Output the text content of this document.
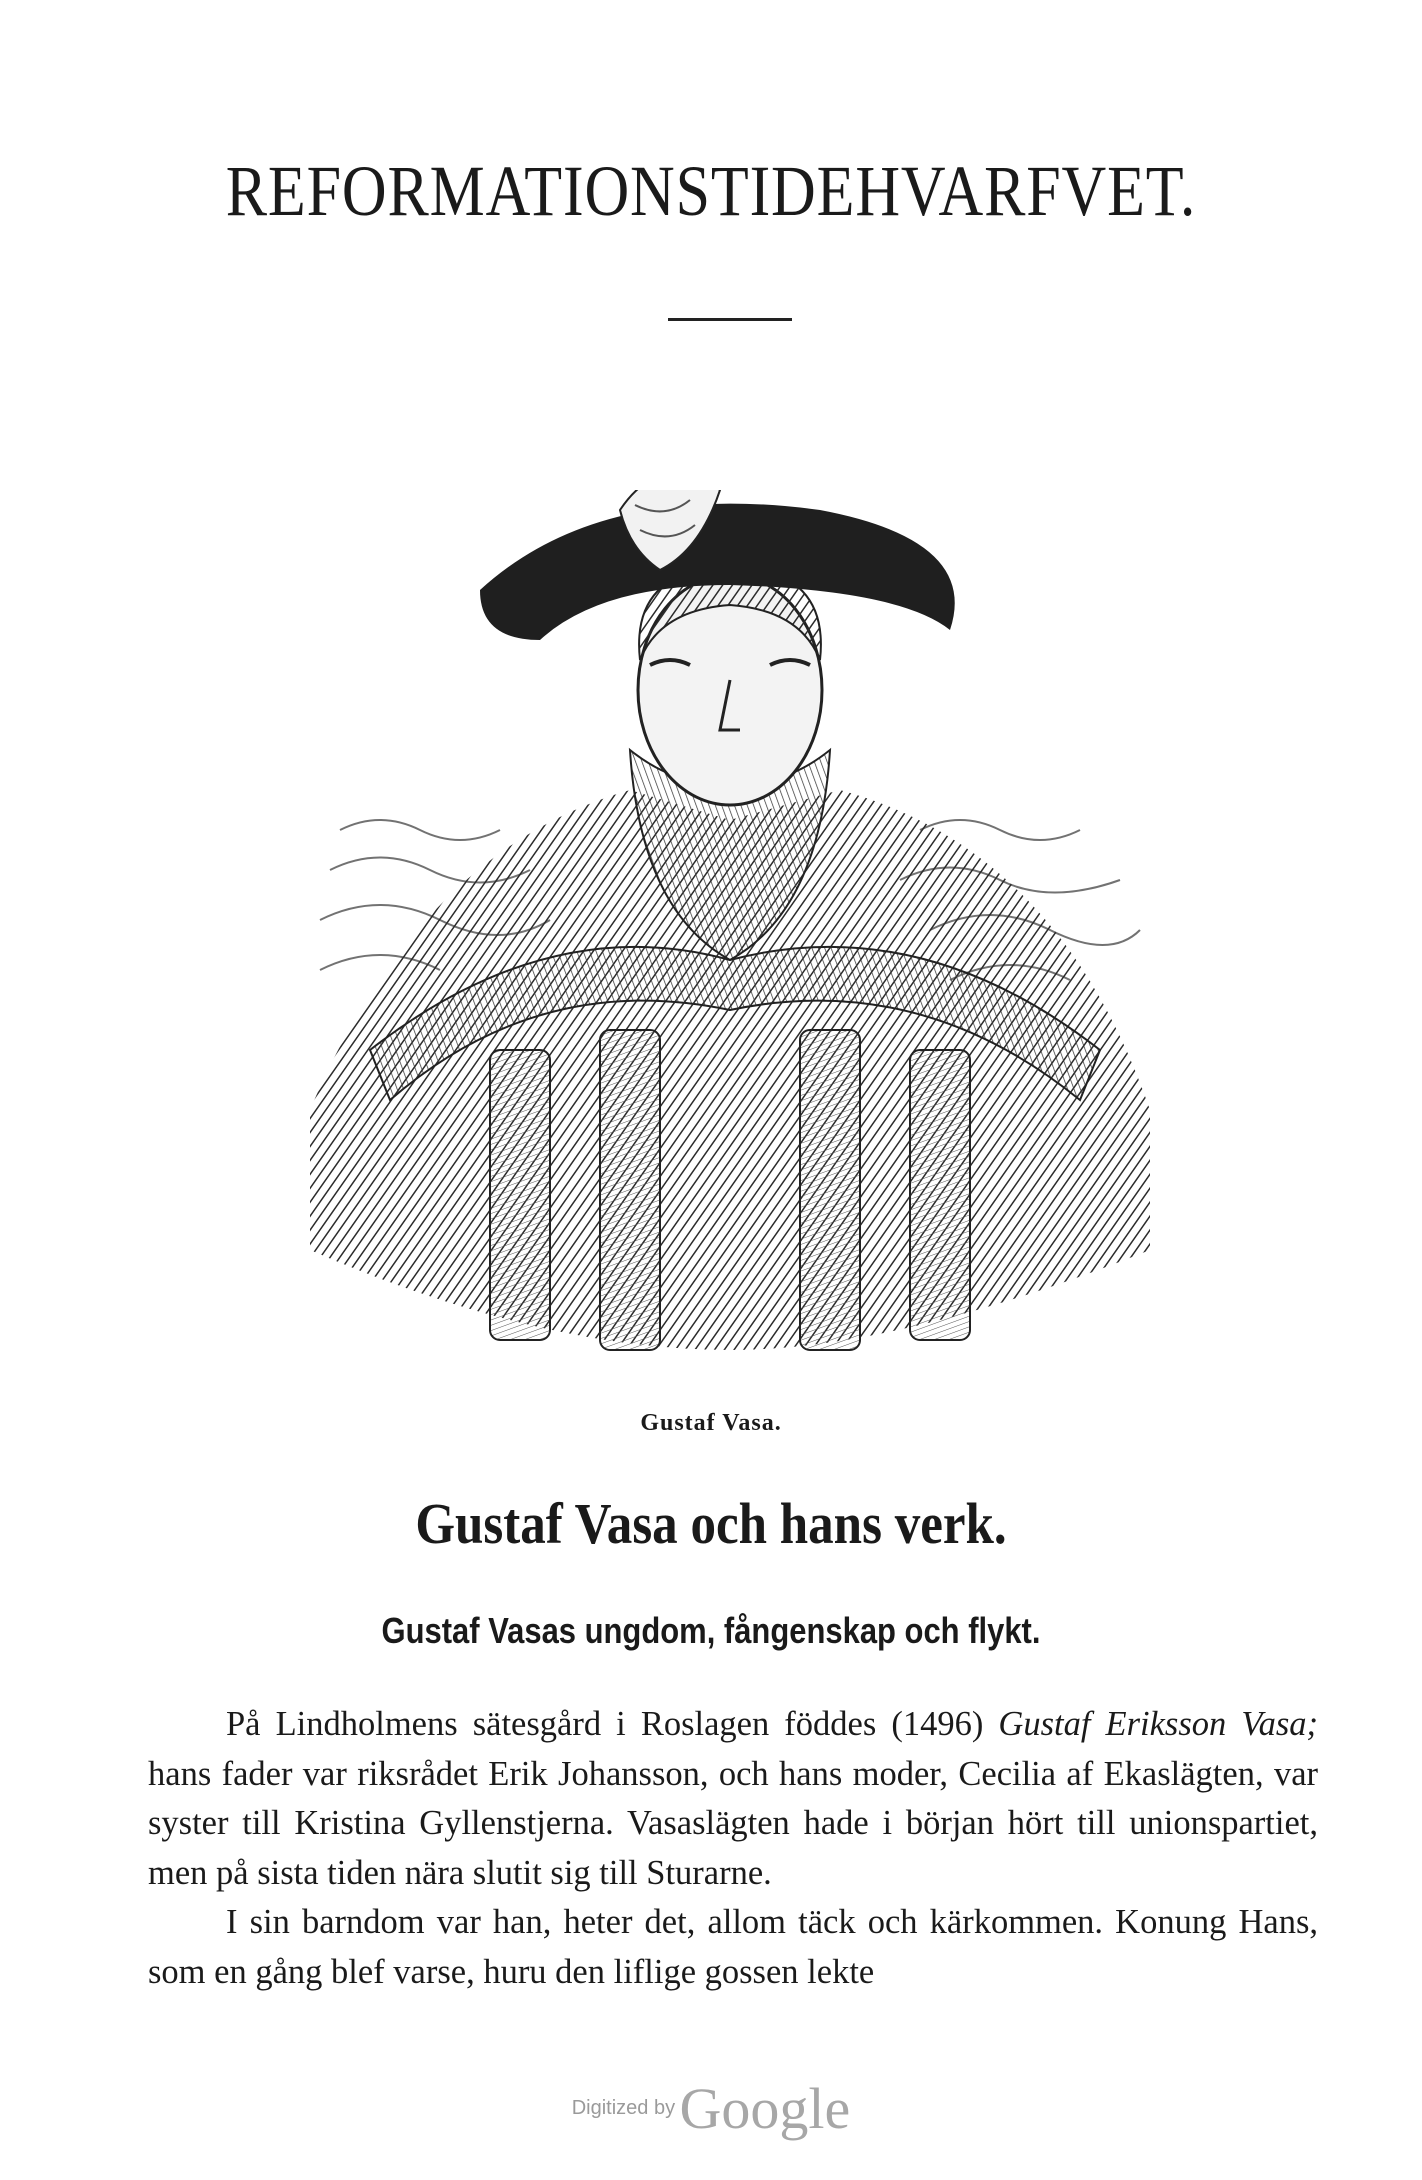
REFORMATIONSTIDEHVARFVET.
Gustaf Vasa.
Gustaf Vasa och hans verk.
Gustaf Vasas ungdom, fångenskap och flykt.

På Lindholmens sätesgård i Roslagen föddes (1496) Gustaf Eriksson Vasa; hans fader var riksrådet Erik Johansson, och hans moder, Cecilia af Ekaslägten, var syster till Kristina Gyllenstjerna. Vasaslägten hade i början hört till unionspartiet, men på sista tiden nära slutit sig till Sturarne.

I sin barndom var han, heter det, allom täck och kärkommen. Konung Hans, som en gång blef varse, huru den liflige gossen lekte

Digitized by Google
